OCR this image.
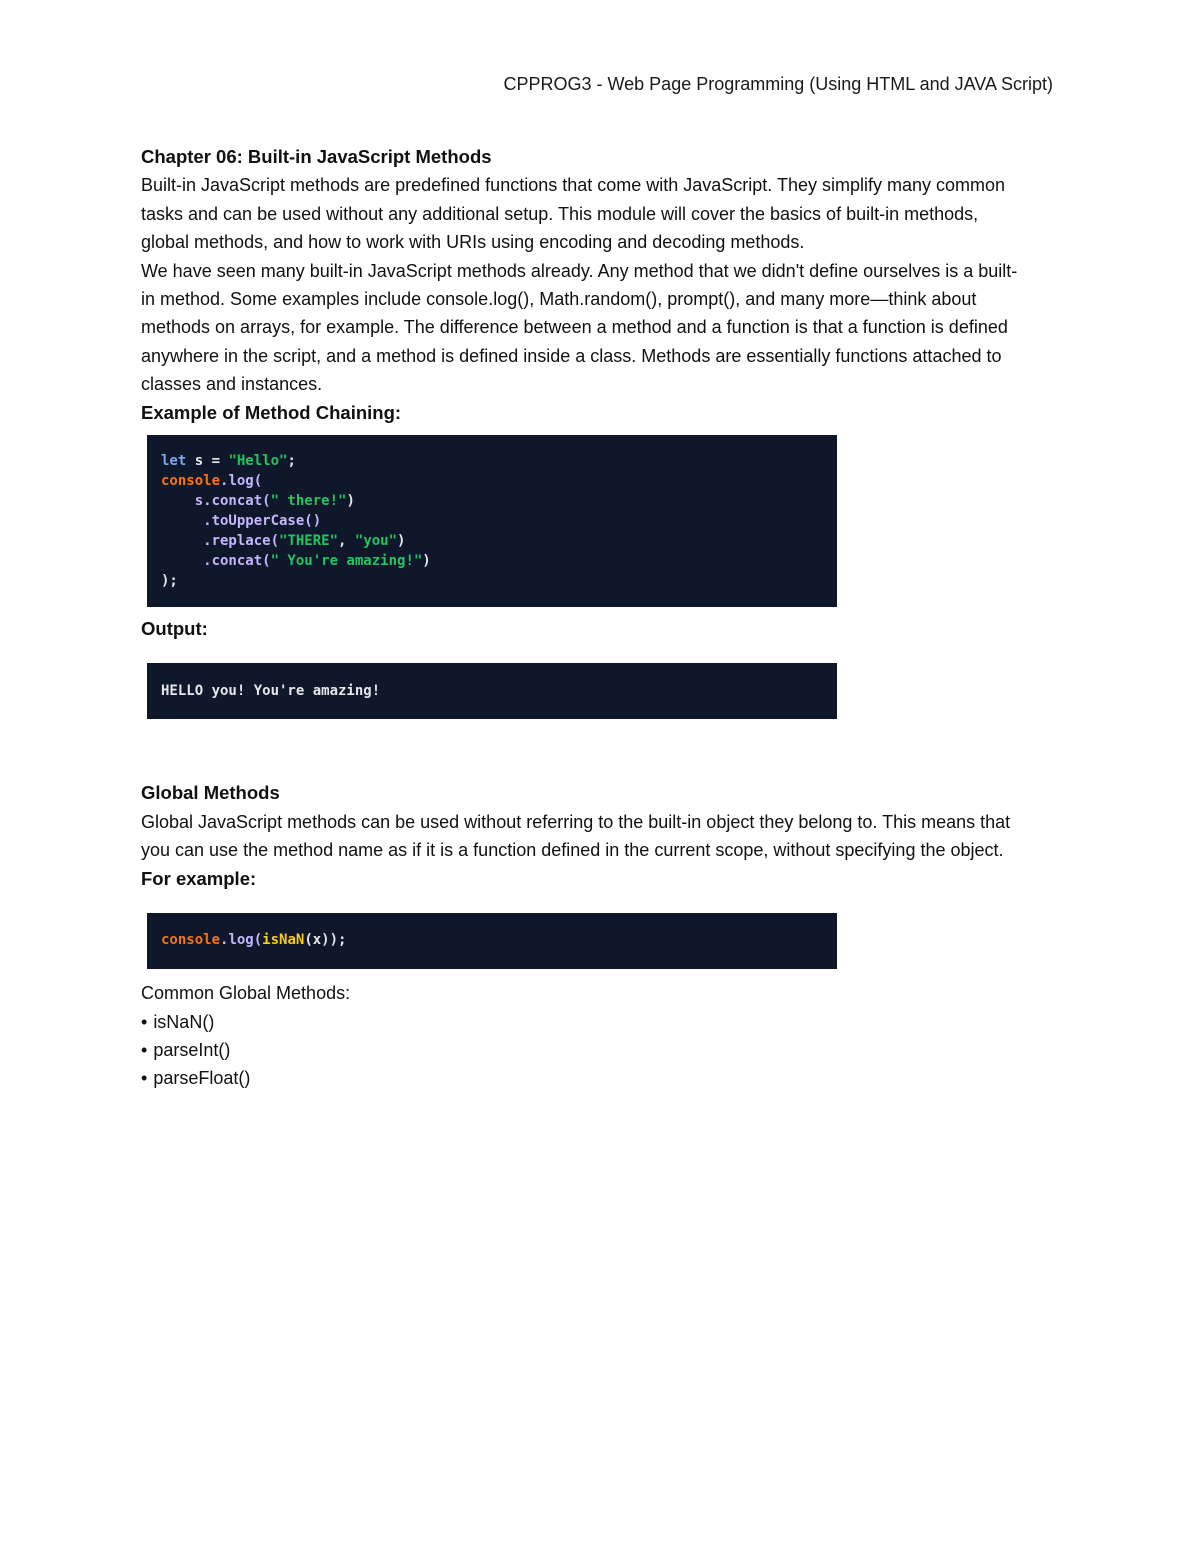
CPPROG3 - Web Page Programming (Using HTML and JAVA Script)

Chapter 06: Built-in JavaScript Methods

Built-in JavaScript methods are predefined functions that come with JavaScript. They simplify many common tasks and can be used without any additional setup. This module will cover the basics of built-in methods, global methods, and how to work with URIs using encoding and decoding methods.

We have seen many built-in JavaScript methods already. Any method that we didn't define ourselves is a built-in method. Some examples include console.log(), Math.random(), prompt(), and many more—think about methods on arrays, for example. The difference between a method and a function is that a function is defined anywhere in the script, and a method is defined inside a class. Methods are essentially functions attached to classes and instances.

Example of Method Chaining:

let s = "Hello";
console.log(
s.concat(" there!")
.toUpperCase()
.replace("THERE", "you")
.concat(" You're amazing!")
);

Output:

HELLO you! You're amazing!

Global Methods

Global JavaScript methods can be used without referring to the built-in object they belong to. This means that you can use the method name as if it is a function defined in the current scope, without specifying the object.

For example:

console.log(isNaN(x));

Common Global Methods:

• isNaN()
• parseInt()
• parseFloat()
